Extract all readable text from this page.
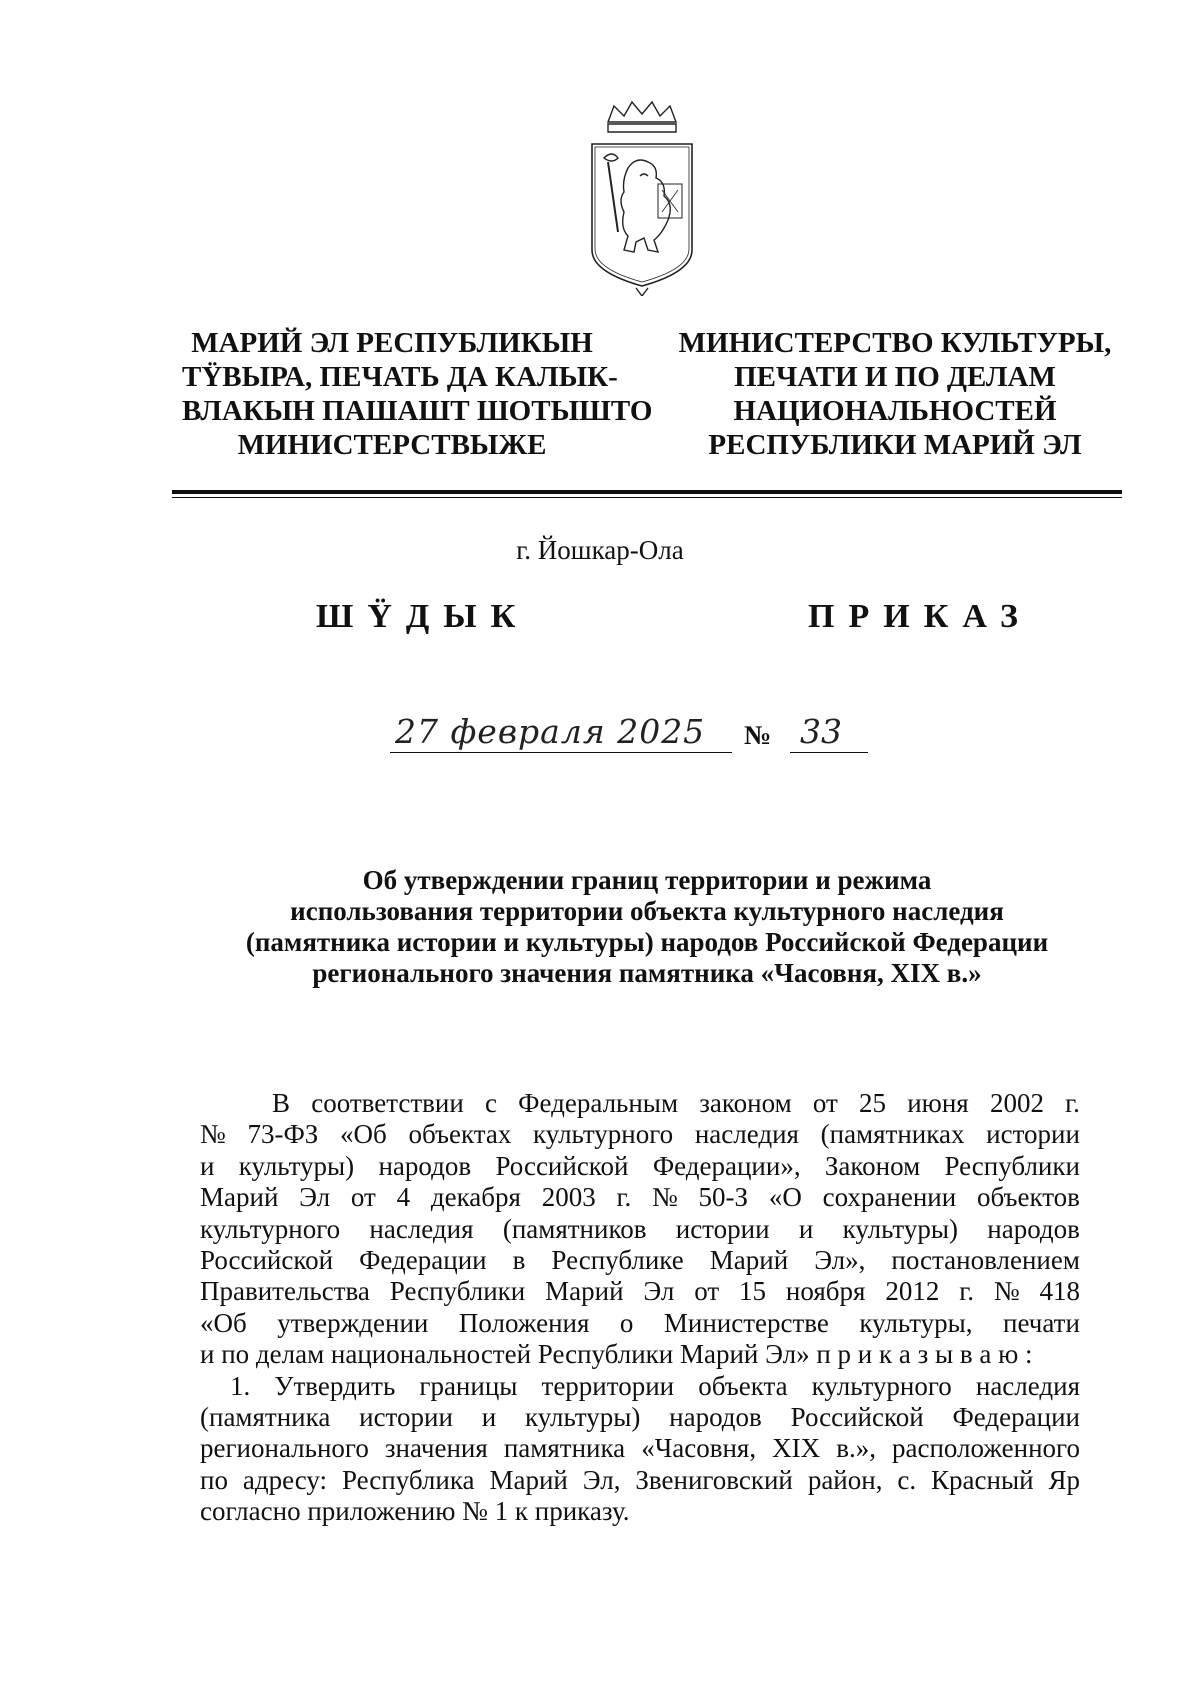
МАРИЙ ЭЛ РЕСПУБЛИКЫН
ТŸВЫРА, ПЕЧАТЬ ДА КАЛЫК-
ВЛАКЫН ПАШАШТ ШОТЫШТО
МИНИСТЕРСТВЫЖЕ
МИНИСТЕРСТВО КУЛЬТУРЫ,
ПЕЧАТИ И ПО ДЕЛАМ
НАЦИОНАЛЬНОСТЕЙ
РЕСПУБЛИКИ МАРИЙ ЭЛ
г. Йошкар-Ола
ШŸДЫК	ПРИКАЗ
27 февраля 2025 № 33
Об утверждении границ территории и режима
использования территории объекта культурного наследия
(памятника истории и культуры) народов Российской Федерации
регионального значения памятника «Часовня, XIX в.»
В соответствии с Федеральным законом от 25 июня 2002 г.
№ 73-ФЗ «Об объектах культурного наследия (памятниках истории
и культуры) народов Российской Федерации», Законом Республики
Марий Эл от 4 декабря 2003 г. № 50-З «О сохранении объектов
культурного наследия (памятников истории и культуры) народов
Российской Федерации в Республике Марий Эл», постановлением
Правительства Республики Марий Эл от 15 ноября 2012 г. № 418
«Об утверждении Положения о Министерстве культуры, печати
и по делам национальностей Республики Марий Эл» п р и к а з ы в а ю :
1. Утвердить границы территории объекта культурного наследия
(памятника истории и культуры) народов Российской Федерации
регионального значения памятника «Часовня, XIX в.», расположенного
по адресу: Республика Марий Эл, Звениговский район, с. Красный Яр
согласно приложению № 1 к приказу.
